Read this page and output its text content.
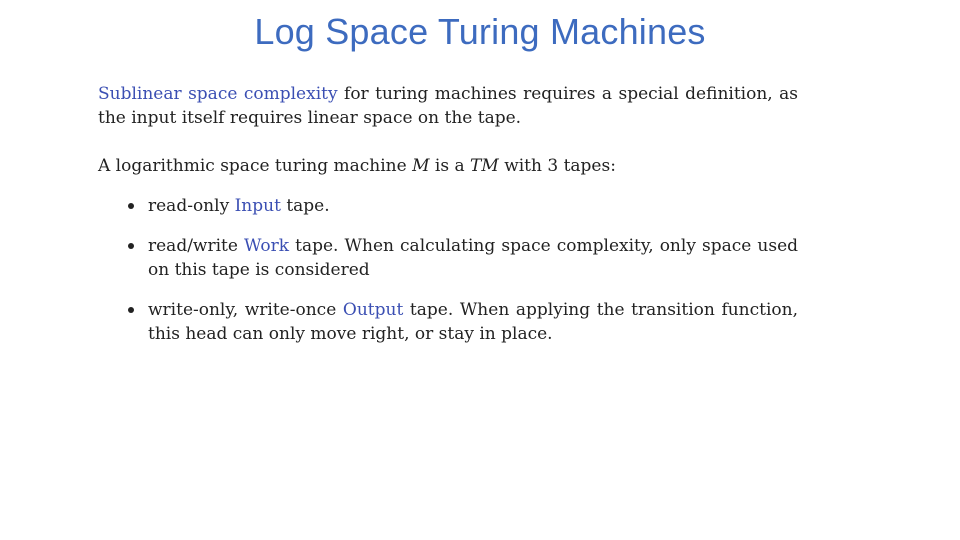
Log Space Turing Machines

Sublinear space complexity for turing machines requires a special definition, as the input itself requires linear space on the tape.

A logarithmic space turing machine M is a TM with 3 tapes:

read-only Input tape.
read/write Work tape. When calculating space complexity, only space used on this tape is considered
write-only, write-once Output tape. When applying the transition function, this head can only move right, or stay in place.
